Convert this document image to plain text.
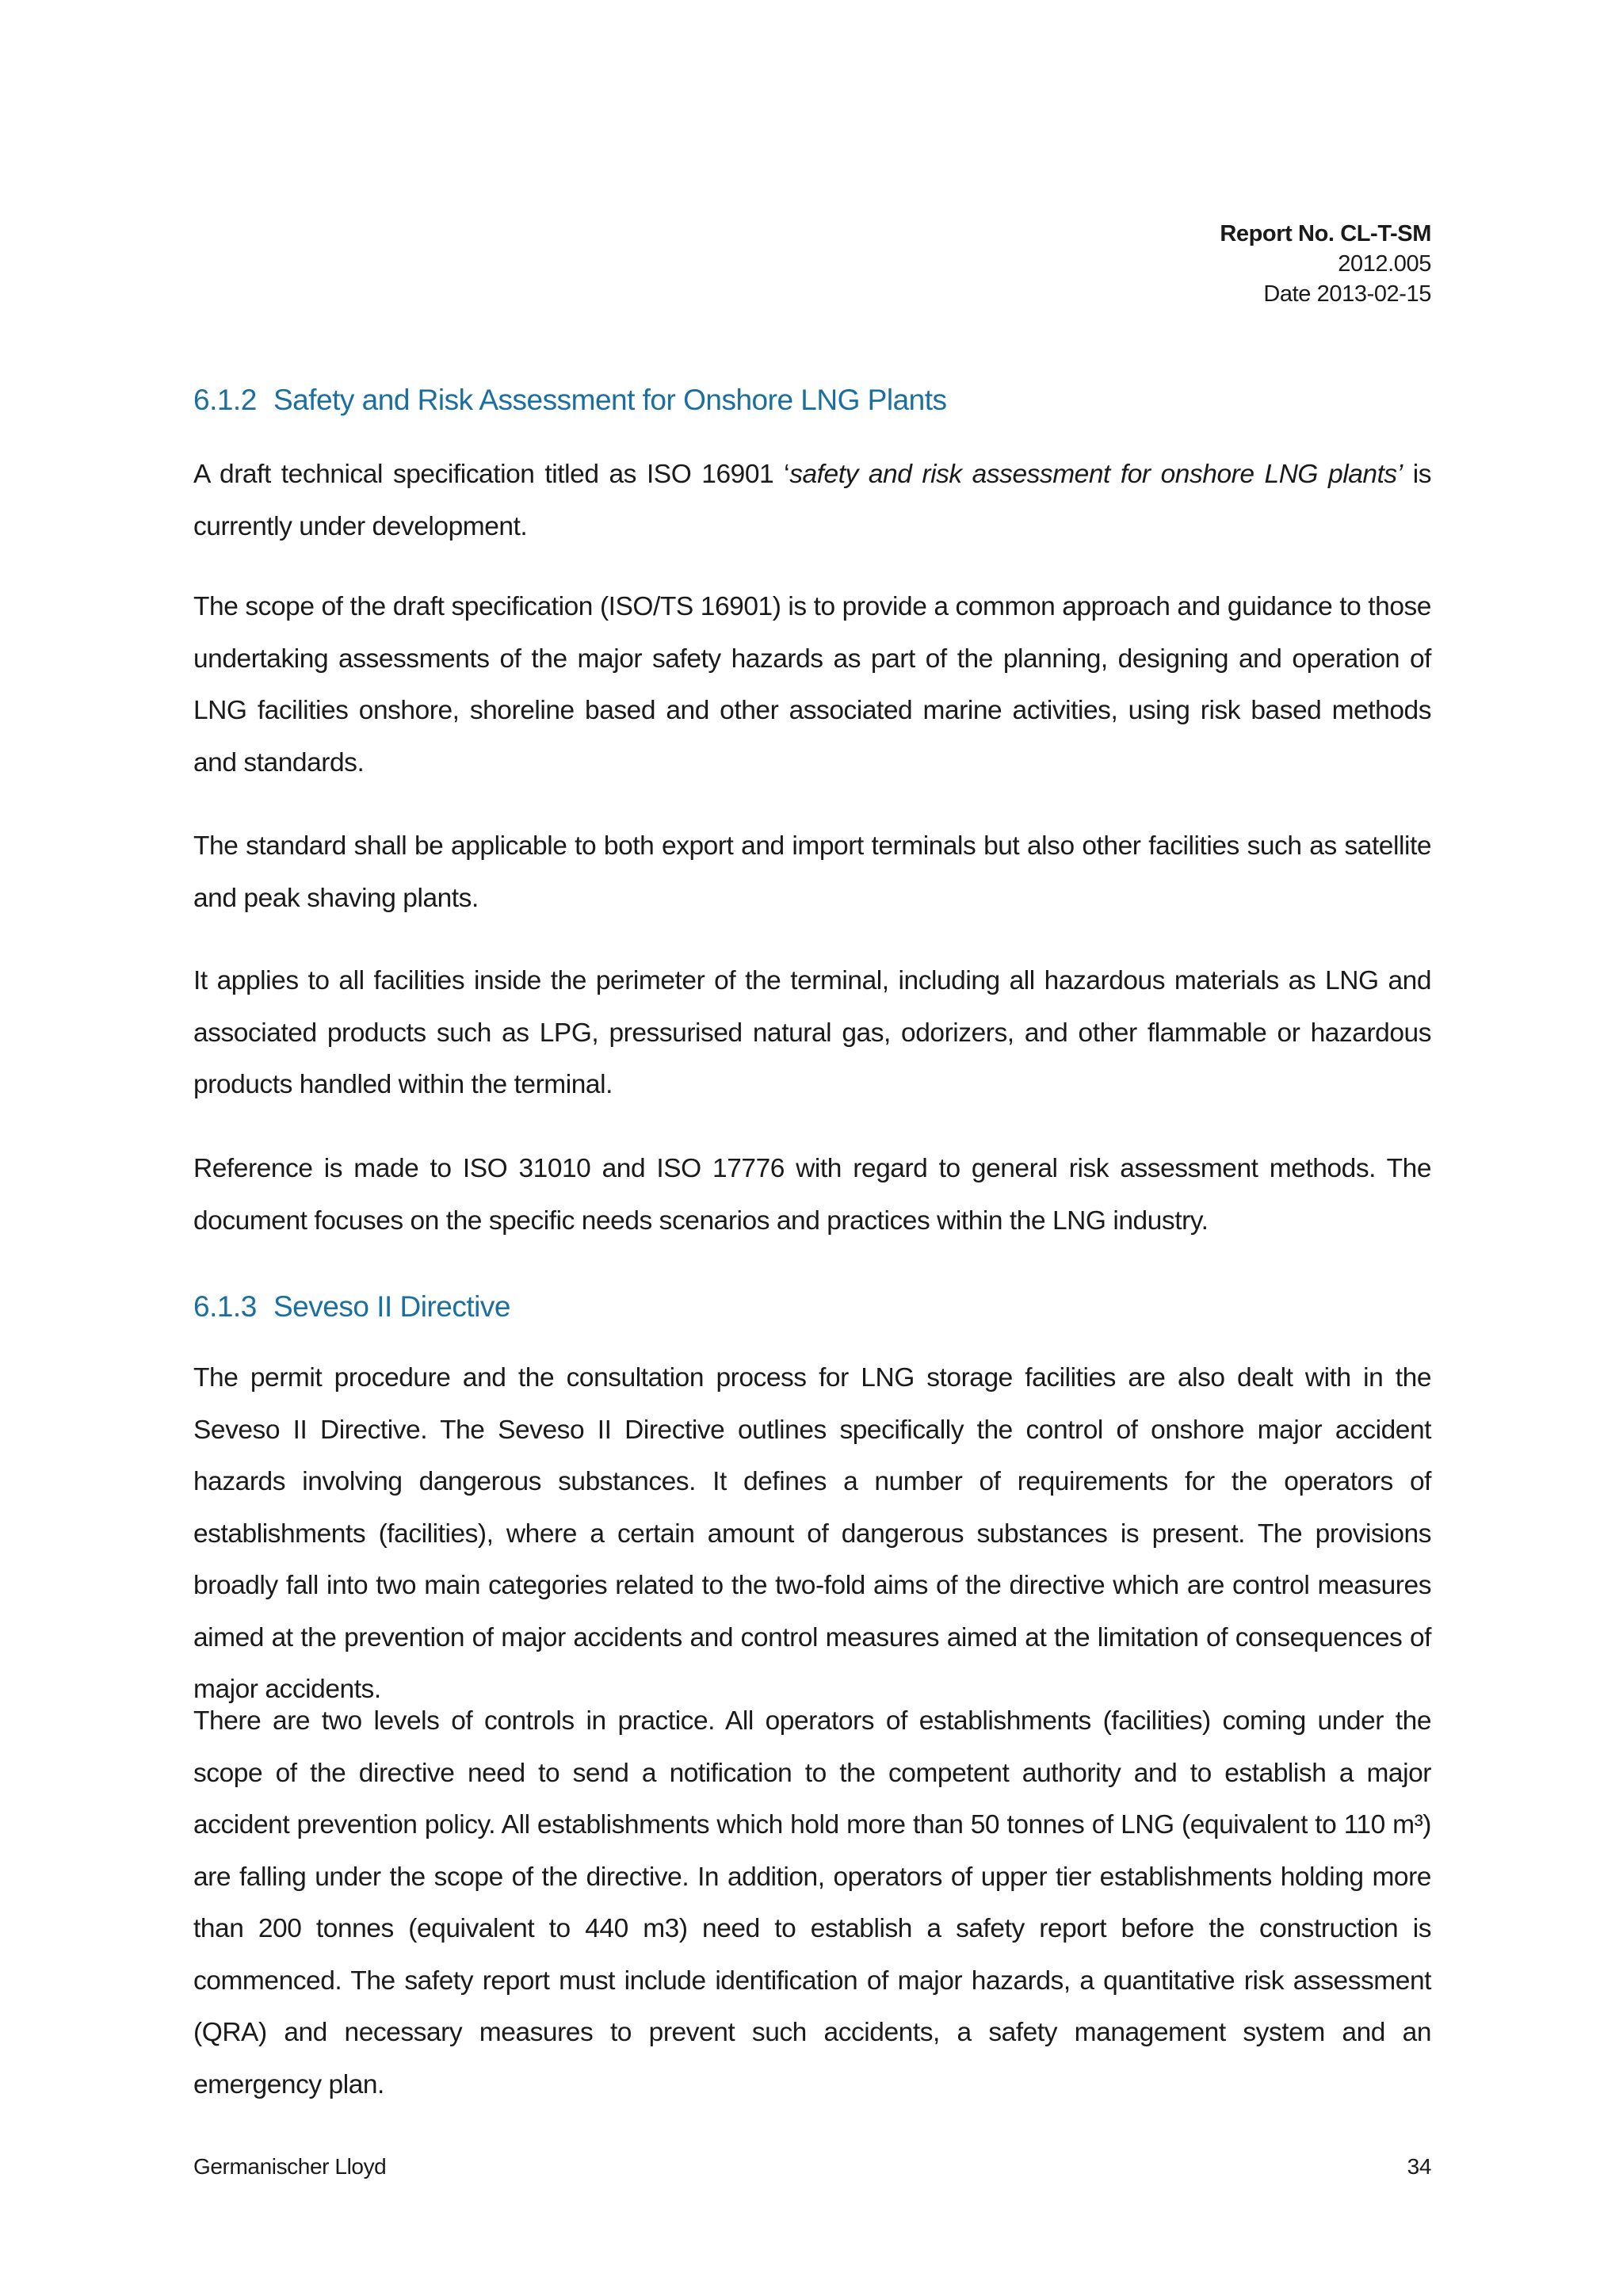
Report No. CL-T-SM
2012.005
Date 2013-02-15
6.1.2 Safety and Risk Assessment for Onshore LNG Plants

A draft technical specification titled as ISO 16901 ‘safety and risk assessment for onshore LNG plants’ is currently under development.

The scope of the draft specification (ISO/TS 16901) is to provide a common approach and guidance to those undertaking assessments of the major safety hazards as part of the planning, designing and operation of LNG facilities onshore, shoreline based and other associated marine activities, using risk based methods and standards.

The standard shall be applicable to both export and import terminals but also other facilities such as satellite and peak shaving plants.

It applies to all facilities inside the perimeter of the terminal, including all hazardous materials as LNG and associated products such as LPG, pressurised natural gas, odorizers, and other flammable or hazardous products handled within the terminal.

Reference is made to ISO 31010 and ISO 17776 with regard to general risk assessment methods. The document focuses on the specific needs scenarios and practices within the LNG industry.

6.1.3 Seveso II Directive

The permit procedure and the consultation process for LNG storage facilities are also dealt with in the Seveso II Directive. The Seveso II Directive outlines specifically the control of onshore major accident hazards involving dangerous substances. It defines a number of requirements for the operators of establishments (facilities), where a certain amount of dangerous substances is present. The provisions broadly fall into two main categories related to the two-fold aims of the directive which are control measures aimed at the prevention of major accidents and control measures aimed at the limitation of consequences of major accidents.

There are two levels of controls in practice. All operators of establishments (facilities) coming under the scope of the directive need to send a notification to the competent authority and to establish a major accident prevention policy. All establishments which hold more than 50 tonnes of LNG (equivalent to 110 m³) are falling under the scope of the directive. In addition, operators of upper tier establishments holding more than 200 tonnes (equivalent to 440 m3) need to establish a safety report before the construction is commenced. The safety report must include identification of major hazards, a quantitative risk assessment (QRA) and necessary measures to prevent such accidents, a safety management system and an emergency plan.

Germanischer Lloyd	34
